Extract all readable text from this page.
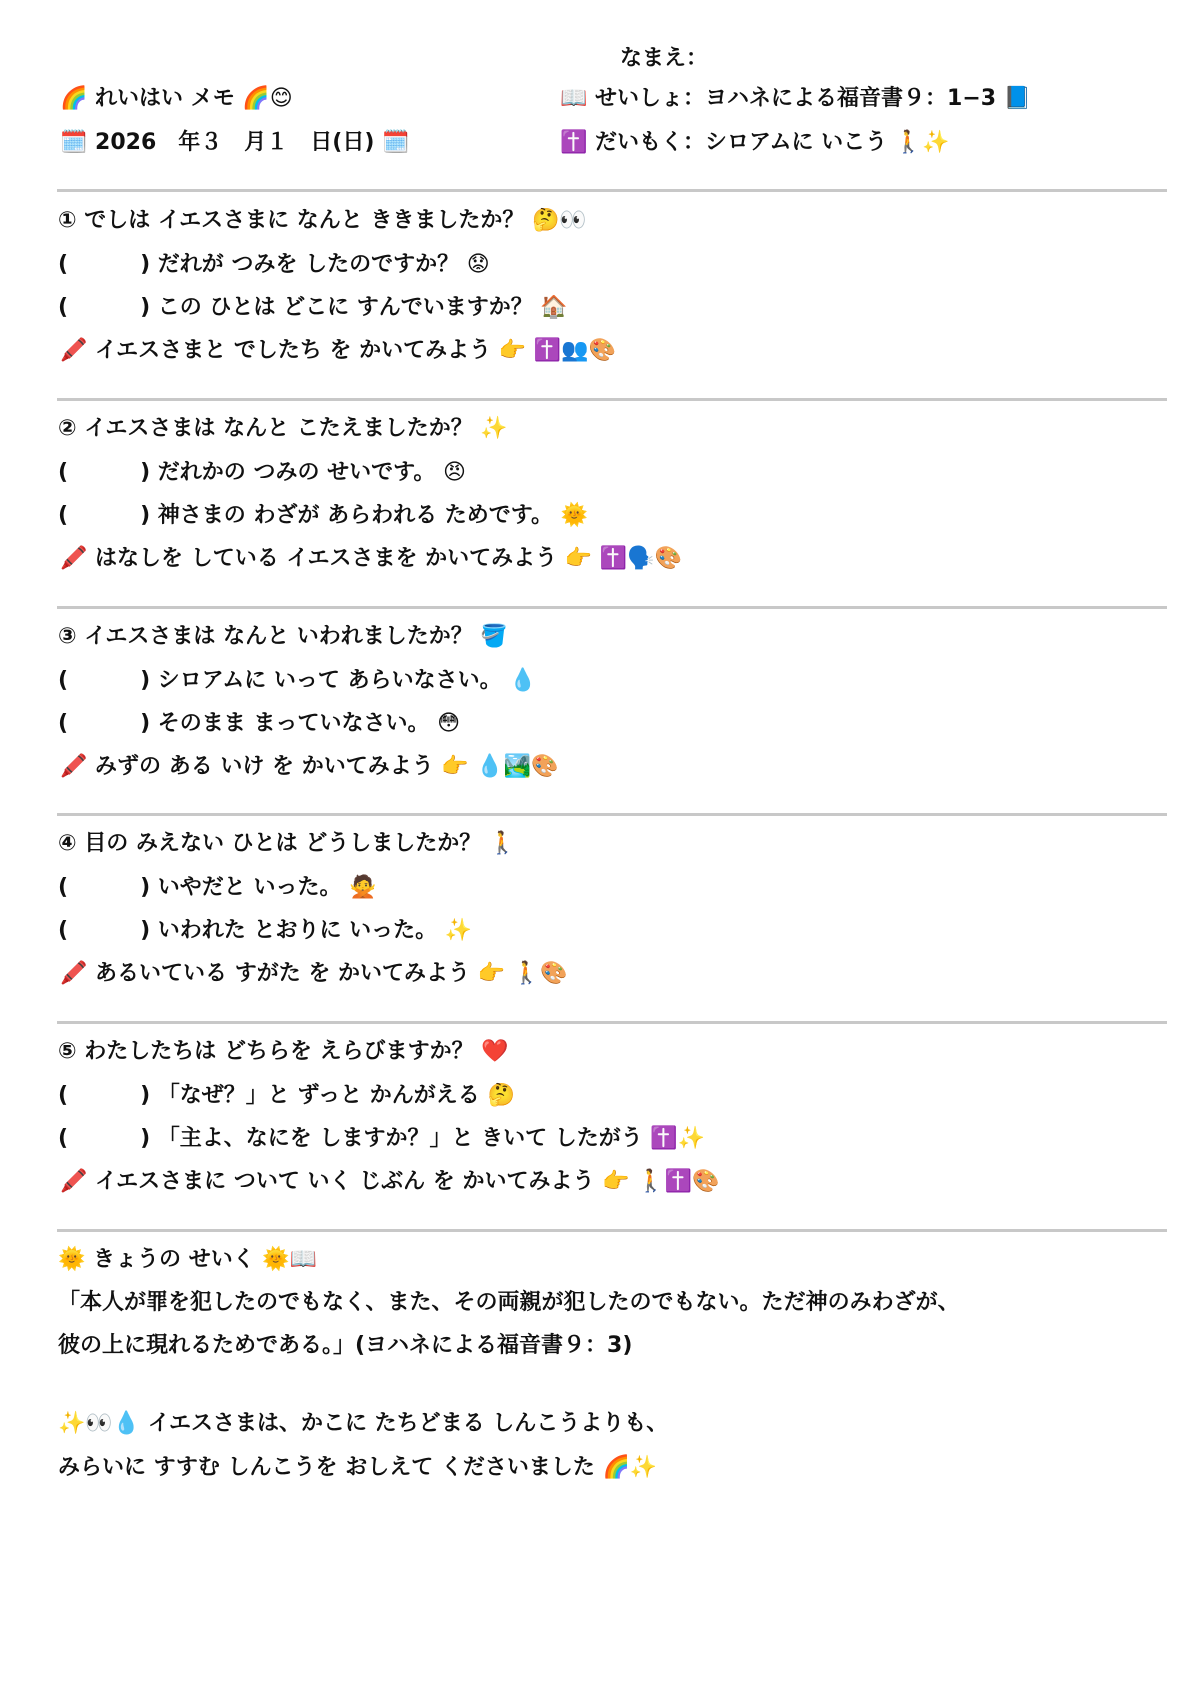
なまえ：
🌈 れいはい メモ 🌈😊	📖 せいしょ：ヨハネによる福音書９：1−3 📘
🗓️ 2026　年３　月１　日(日) 🗓️	✝️ だいもく：シロアムに いこう 🚶✨
① でしは イエスさまに なんと ききましたか？ 🤔👀
(	) だれが つみを したのですか？ 😟
(	) この ひとは どこに すんでいますか？ 🏠
🖍️ イエスさまと でしたち を かいてみよう 👉 ✝️👥🎨
② イエスさまは なんと こたえましたか？ ✨
(	) だれかの つみの せいです。 😠
(	) 神さまの わざが あらわれる ためです。 🌞
🖍️ はなしを している イエスさまを かいてみよう 👉 ✝️🗣️🎨
③ イエスさまは なんと いわれましたか？ 🪣
(	) シロアムに いって あらいなさい。 💧
(	) そのまま まっていなさい。 😳
🖍️ みずの ある いけ を かいてみよう 👉 💧🏞️🎨
④ 目の みえない ひとは どうしましたか？ 🚶
(	) いやだと いった。 🙅
(	) いわれた とおりに いった。 ✨
🖍️ あるいている すがた を かいてみよう 👉 🚶🎨
⑤ わたしたちは どちらを えらびますか？ ❤️
(	) 「なぜ？」と ずっと かんがえる 🤔
(	) 「主よ、なにを しますか？」と きいて したがう ✝️✨
🖍️ イエスさまに ついて いく じぶん を かいてみよう 👉 🚶✝️🎨
🌞 きょうの せいく 🌞📖
「本人が罪を犯したのでもなく、また、その両親が犯したのでもない。ただ神のみわざが、
彼の上に現れるためである。」(ヨハネによる福音書９：3)
✨👀💧 イエスさまは、かこに たちどまる しんこうよりも、
みらいに すすむ しんこうを おしえて くださいました 🌈✨
